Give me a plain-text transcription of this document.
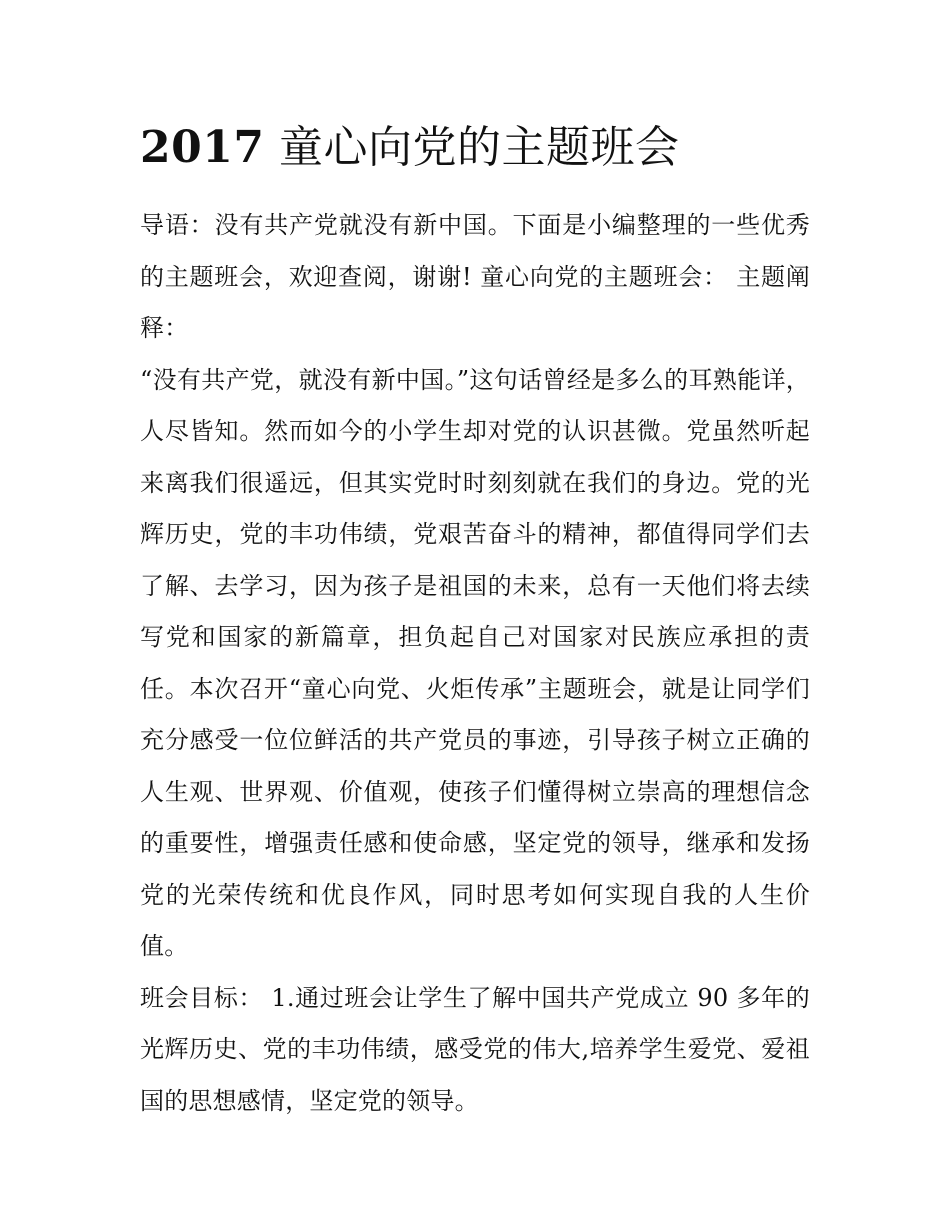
2017 童心向党的主题班会

导语：没有共产党就没有新中国。下面是小编整理的一些优秀的主题班会，欢迎查阅，谢谢! 童心向党的主题班会： 主题阐释：

“没有共产党，就没有新中国。”这句话曾经是多么的耳熟能详，人尽皆知。然而如今的小学生却对党的认识甚微。党虽然听起来离我们很遥远，但其实党时时刻刻就在我们的身边。党的光辉历史，党的丰功伟绩，党艰苦奋斗的精神，都值得同学们去了解、去学习，因为孩子是祖国的未来，总有一天他们将去续写党和国家的新篇章，担负起自己对国家对民族应承担的责任。本次召开“童心向党、火炬传承”主题班会，就是让同学们充分感受一位位鲜活的共产党员的事迹，引导孩子树立正确的人生观、世界观、价值观，使孩子们懂得树立崇高的理想信念的重要性，增强责任感和使命感，坚定党的领导，继承和发扬党的光荣传统和优良作风，同时思考如何实现自我的人生价值。

班会目标： 1.通过班会让学生了解中国共产党成立 90 多年的光辉历史、党的丰功伟绩，感受党的伟大,培养学生爱党、爱祖国的思想感情，坚定党的领导。
